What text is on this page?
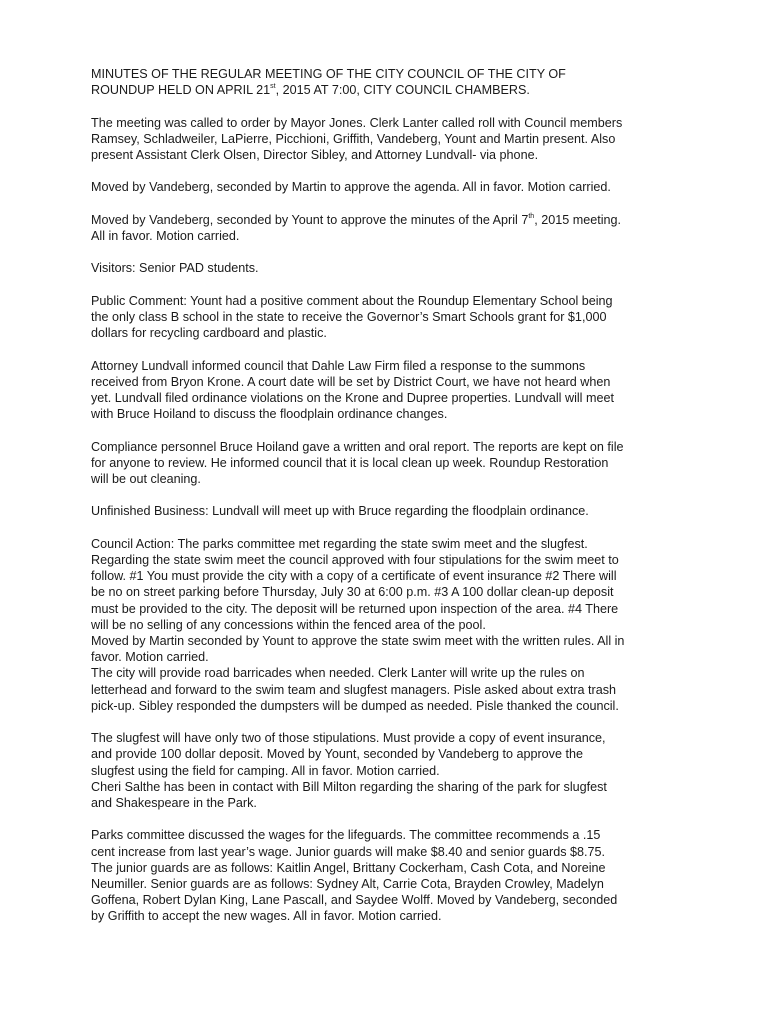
MINUTES OF THE REGULAR MEETING OF THE CITY COUNCIL OF THE CITY OF
ROUNDUP HELD ON APRIL 21st, 2015 AT 7:00, CITY COUNCIL CHAMBERS.
The meeting was called to order by Mayor Jones. Clerk Lanter called roll with Council members
Ramsey, Schladweiler, LaPierre, Picchioni, Griffith, Vandeberg, Yount and Martin present. Also
present Assistant Clerk Olsen, Director Sibley, and Attorney Lundvall- via phone.
Moved by Vandeberg, seconded by Martin to approve the agenda. All in favor. Motion carried.
Moved by Vandeberg, seconded by Yount to approve the minutes of the April 7th, 2015 meeting.
All in favor. Motion carried.
Visitors: Senior PAD students.
Public Comment: Yount had a positive comment about the Roundup Elementary School being
the only class B school in the state to receive the Governor’s Smart Schools grant for $1,000
dollars for recycling cardboard and plastic.
Attorney Lundvall informed council that Dahle Law Firm filed a response to the summons
received from Bryon Krone. A court date will be set by District Court, we have not heard when
yet. Lundvall filed ordinance violations on the Krone and Dupree properties. Lundvall will meet
with Bruce Hoiland to discuss the floodplain ordinance changes.
Compliance personnel Bruce Hoiland gave a written and oral report. The reports are kept on file
for anyone to review. He informed council that it is local clean up week. Roundup Restoration
will be out cleaning.
Unfinished Business: Lundvall will meet up with Bruce regarding the floodplain ordinance.
Council Action: The parks committee met regarding the state swim meet and the slugfest.
Regarding the state swim meet the council approved with four stipulations for the swim meet to
follow. #1 You must provide the city with a copy of a certificate of event insurance #2 There will
be no on street parking before Thursday, July 30 at 6:00 p.m. #3 A 100 dollar clean-up deposit
must be provided to the city. The deposit will be returned upon inspection of the area. #4 There
will be no selling of any concessions within the fenced area of the pool.
Moved by Martin seconded by Yount to approve the state swim meet with the written rules. All in
favor. Motion carried.
The city will provide road barricades when needed. Clerk Lanter will write up the rules on
letterhead and forward to the swim team and slugfest managers. Pisle asked about extra trash
pick-up. Sibley responded the dumpsters will be dumped as needed. Pisle thanked the council.
The slugfest will have only two of those stipulations. Must provide a copy of event insurance,
and provide 100 dollar deposit. Moved by Yount, seconded by Vandeberg to approve the
slugfest using the field for camping. All in favor. Motion carried.
Cheri Salthe has been in contact with Bill Milton regarding the sharing of the park for slugfest
and Shakespeare in the Park.
Parks committee discussed the wages for the lifeguards. The committee recommends a .15
cent increase from last year’s wage. Junior guards will make $8.40 and senior guards $8.75.
The junior guards are as follows: Kaitlin Angel, Brittany Cockerham, Cash Cota, and Noreine
Neumiller. Senior guards are as follows: Sydney Alt, Carrie Cota, Brayden Crowley, Madelyn
Goffena, Robert Dylan King, Lane Pascall, and Saydee Wolff. Moved by Vandeberg, seconded
by Griffith to accept the new wages. All in favor. Motion carried.
